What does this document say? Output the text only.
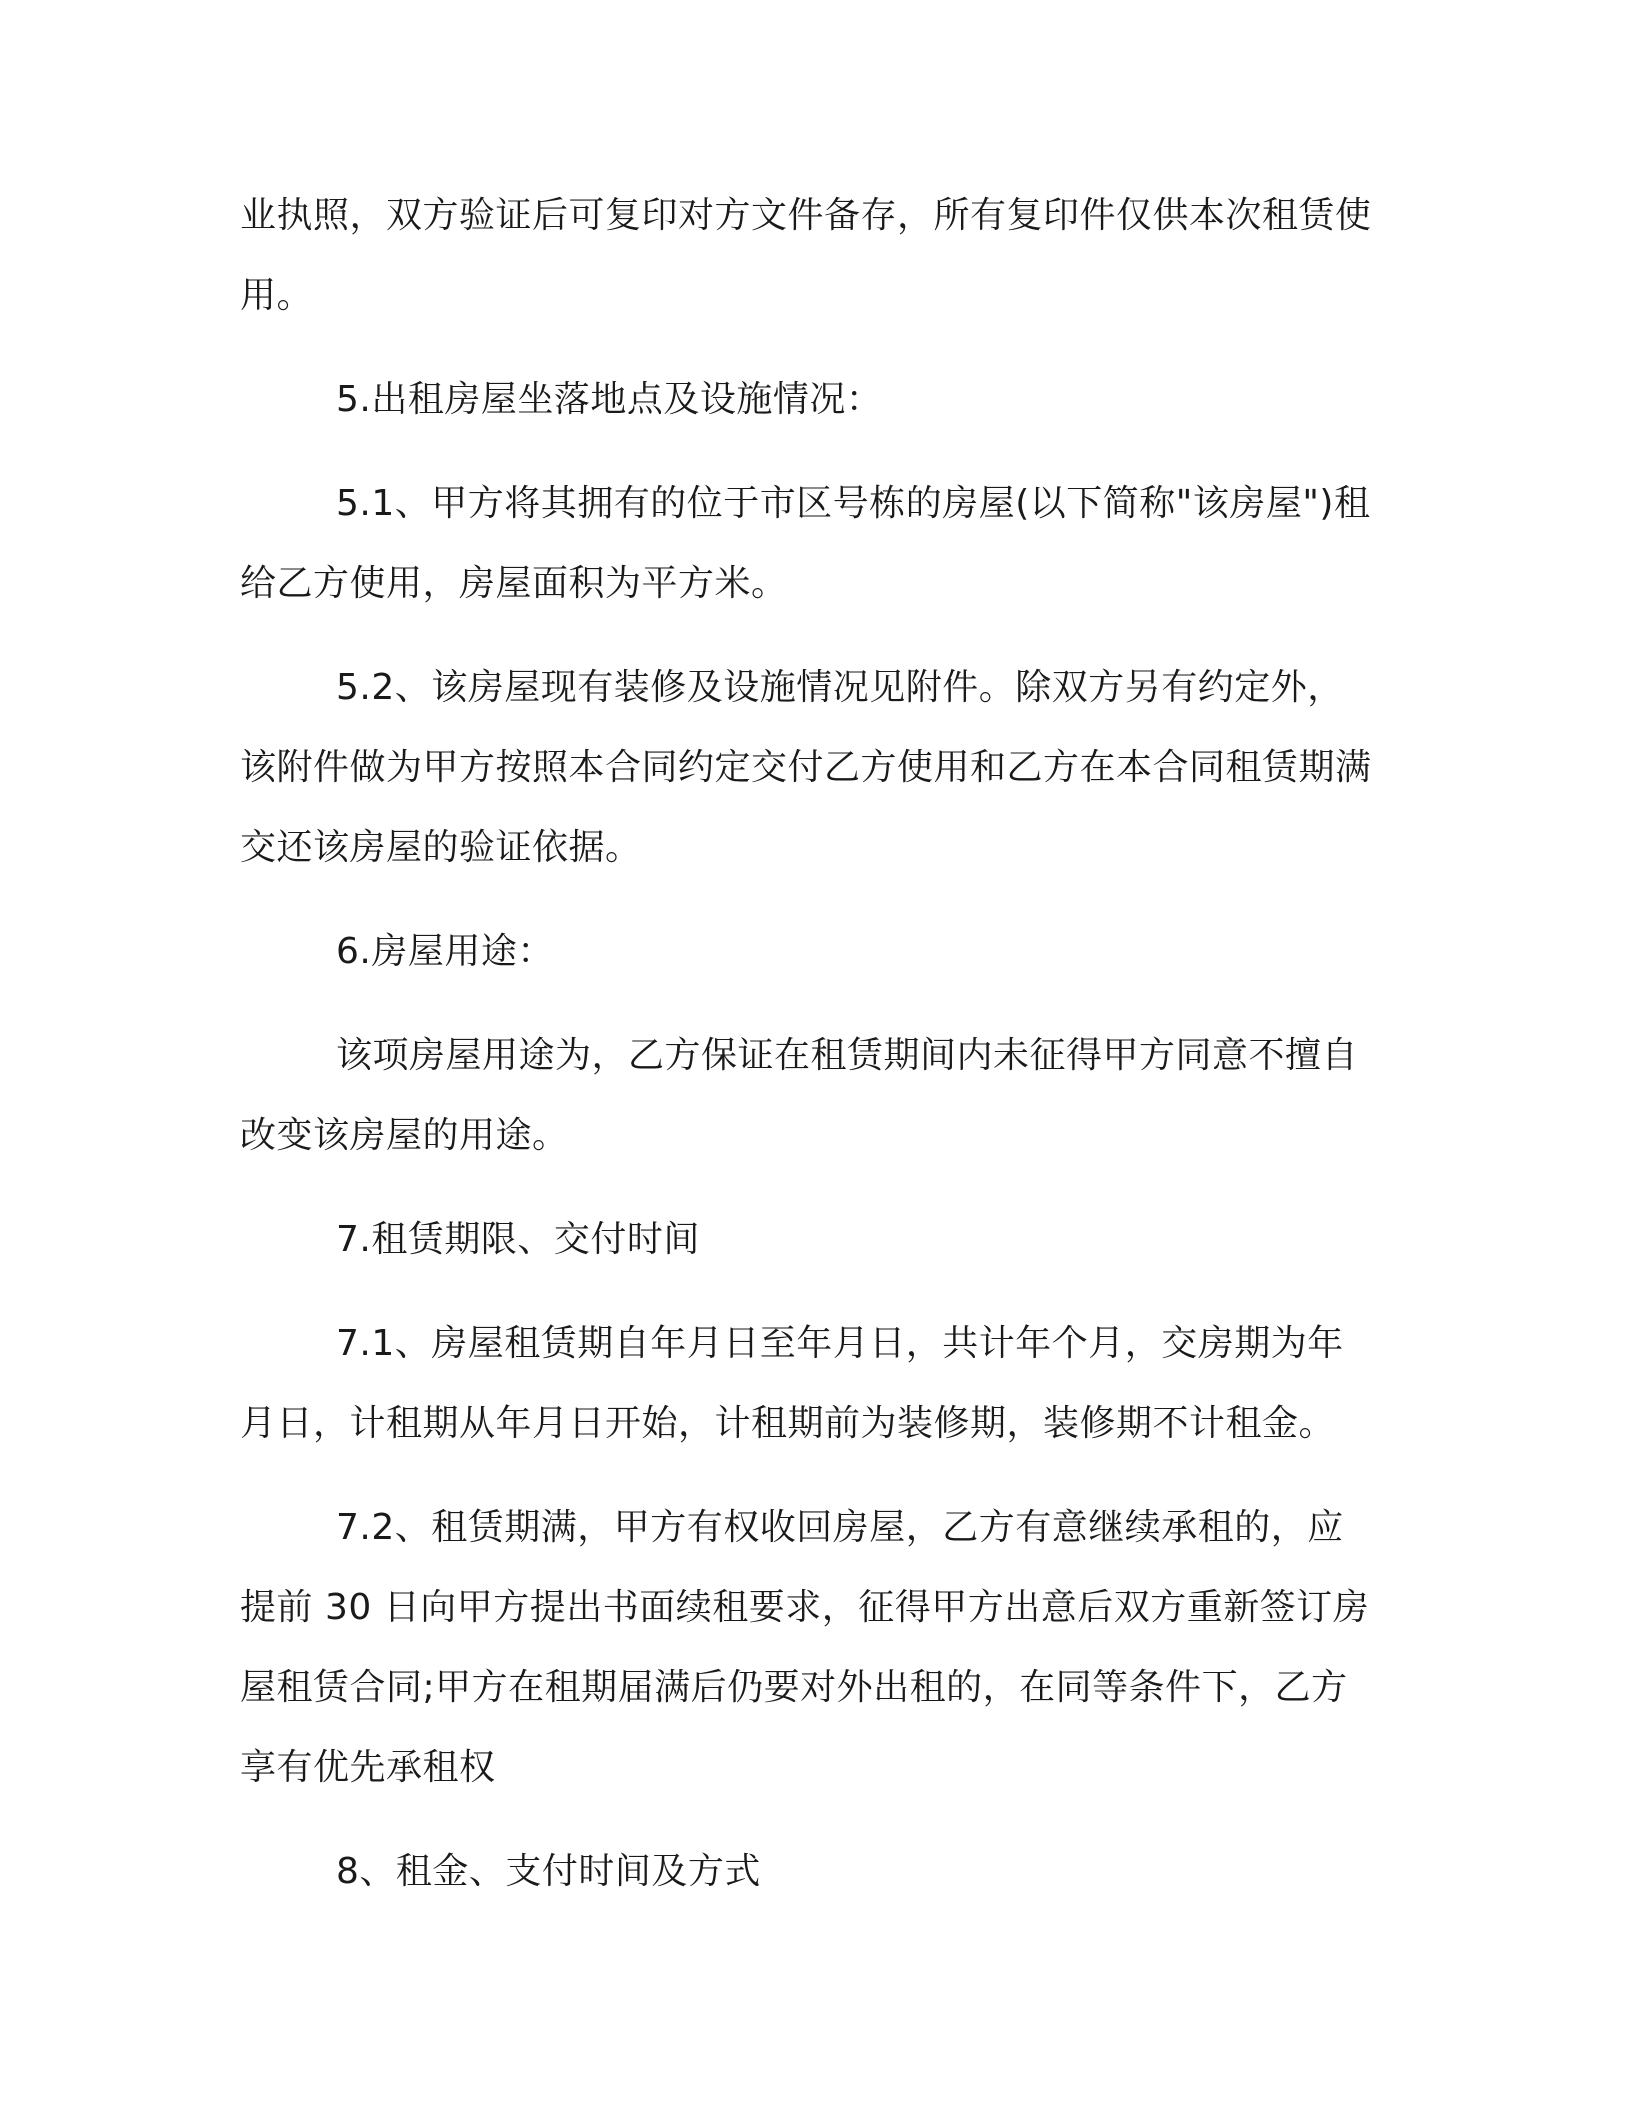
业执照，双方验证后可复印对方文件备存，所有复印件仅供本次租赁使用。

5.出租房屋坐落地点及设施情况：

5.1、甲方将其拥有的位于市区号栋的房屋(以下简称"该房屋")租给乙方使用，房屋面积为平方米。

5.2、该房屋现有装修及设施情况见附件。除双方另有约定外，该附件做为甲方按照本合同约定交付乙方使用和乙方在本合同租赁期满交还该房屋的验证依据。

6.房屋用途：

该项房屋用途为，乙方保证在租赁期间内未征得甲方同意不擅自改变该房屋的用途。

7.租赁期限、交付时间

7.1、房屋租赁期自年月日至年月日，共计年个月，交房期为年月日，计租期从年月日开始，计租期前为装修期，装修期不计租金。

7.2、租赁期满，甲方有权收回房屋，乙方有意继续承租的，应提前 30 日向甲方提出书面续租要求，征得甲方出意后双方重新签订房屋租赁合同;甲方在租期届满后仍要对外出租的，在同等条件下，乙方享有优先承租权

8、租金、支付时间及方式
